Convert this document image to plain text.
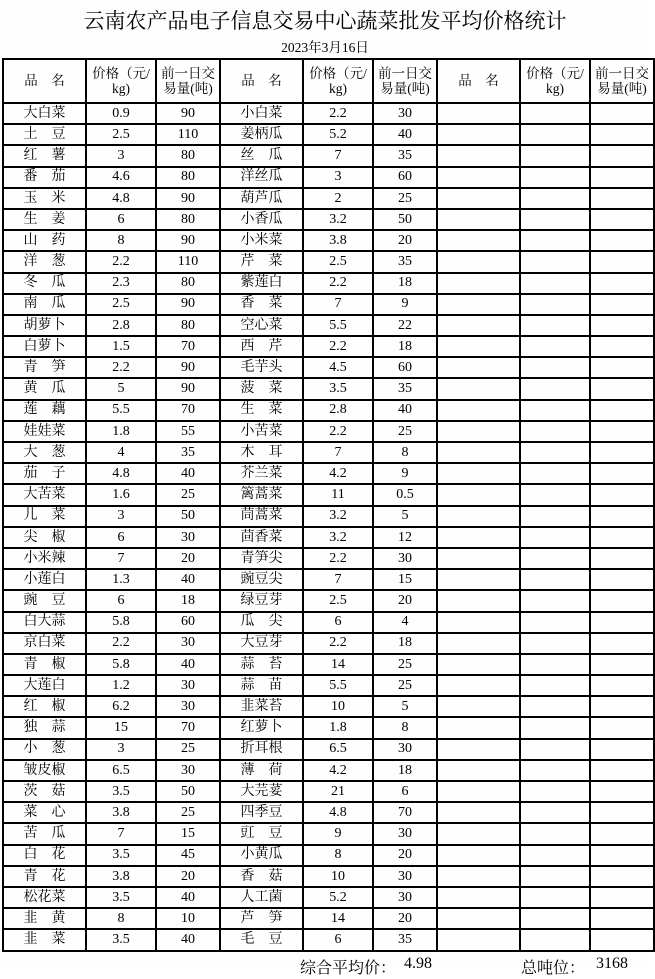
云南农产品电子信息交易中心蔬菜批发平均价格统计
2023年3月16日
品　名	价格（元/kg)	前一日交易量(吨)	品　名	价格（元/kg)	前一日交易量(吨)	品　名	价格（元/kg)	前一日交易量(吨)
大白菜	0.9	90	小白菜	2.2	30			
土　豆	2.5	110	姜柄瓜	5.2	40			
红　薯	3	80	丝　瓜	7	35			
番　茄	4.6	80	洋丝瓜	3	60			
玉　米	4.8	90	葫芦瓜	2	25			
生　姜	6	80	小香瓜	3.2	50			
山　药	8	90	小米菜	3.8	20			
洋　葱	2.2	110	芹　菜	2.5	35			
冬　瓜	2.3	80	紫莲白	2.2	18			
南　瓜	2.5	90	香　菜	7	9			
胡萝卜	2.8	80	空心菜	5.5	22			
白萝卜	1.5	70	西　芹	2.2	18			
青　笋	2.2	90	毛芋头	4.5	60			
黄　瓜	5	90	菠　菜	3.5	35			
莲　藕	5.5	70	生　菜	2.8	40			
娃娃菜	1.8	55	小苦菜	2.2	25			
大　葱	4	35	木　耳	7	8			
茄　子	4.8	40	芥兰菜	4.2	9			
大苦菜	1.6	25	篱蒿菜	11	0.5			
儿　菜	3	50	茼蒿菜	3.2	5			
尖　椒	6	30	茴香菜	3.2	12			
小米辣	7	20	青笋尖	2.2	30			
小莲白	1.3	40	豌豆尖	7	15			
豌　豆	6	18	绿豆芽	2.5	20			
白大蒜	5.8	60	瓜　尖	6	4			
京白菜	2.2	30	大豆芽	2.2	18			
青　椒	5.8	40	蒜　苔	14	25			
大莲白	1.2	30	蒜　苗	5.5	25			
红　椒	6.2	30	韭菜苔	10	5			
独　蒜	15	70	红萝卜	1.8	8			
小　葱	3	25	折耳根	6.5	30			
皱皮椒	6.5	30	薄　荷	4.2	18			
茨　菇	3.5	50	大芫荽	21	6			
菜　心	3.8	25	四季豆	4.8	70			
苦　瓜	7	15	豇　豆	9	30			
白　花	3.5	45	小黄瓜	8	20			
青　花	3.8	20	香　菇	10	30			
松花菜	3.5	40	人工菌	5.2	30			
韭　黄	8	10	芦　笋	14	20			
韭　菜	3.5	40	毛　豆	6	35			
综合平均价： 4.98	总吨位： 3168
